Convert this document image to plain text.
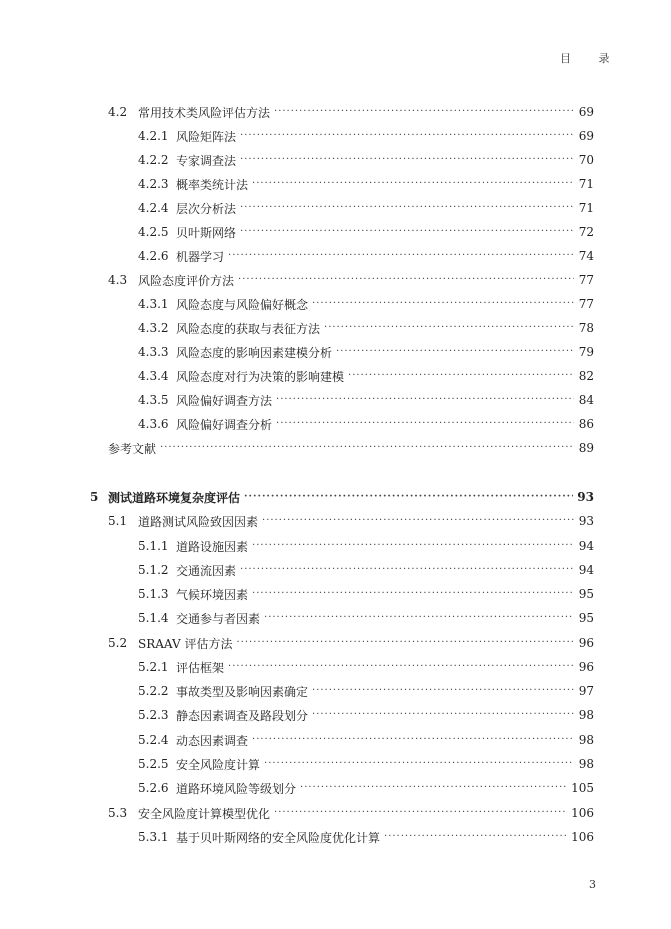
目 录
4.2 常用技术类风险评估方法 ·····	69
4.2.1 风险矩阵法 ·····	69
4.2.2 专家调查法 ·····	70
4.2.3 概率类统计法 ·····	71
4.2.4 层次分析法 ·····	71
4.2.5 贝叶斯网络 ·····	72
4.2.6 机器学习 ·····	74
4.3 风险态度评价方法 ·····	77
4.3.1 风险态度与风险偏好概念 ·····	77
4.3.2 风险态度的获取与表征方法 ·····	78
4.3.3 风险态度的影响因素建模分析 ·····	79
4.3.4 风险态度对行为决策的影响建模 ·····	82
4.3.5 风险偏好调查方法 ·····	84
4.3.6 风险偏好调查分析 ·····	86
参考文献 ·····	89
5 测试道路环境复杂度评估 ·····	93
5.1 道路测试风险致因因素 ·····	93
5.1.1 道路设施因素 ·····	94
5.1.2 交通流因素 ·····	94
5.1.3 气候环境因素 ·····	95
5.1.4 交通参与者因素 ·····	95
5.2 SRAAV 评估方法 ·····	96
5.2.1 评估框架 ·····	96
5.2.2 事故类型及影响因素确定 ·····	97
5.2.3 静态因素调查及路段划分 ·····	98
5.2.4 动态因素调查 ·····	98
5.2.5 安全风险度计算 ·····	98
5.2.6 道路环境风险等级划分 ·····	105
5.3 安全风险度计算模型优化 ·····	106
5.3.1 基于贝叶斯网络的安全风险度优化计算 ·····	106
3
